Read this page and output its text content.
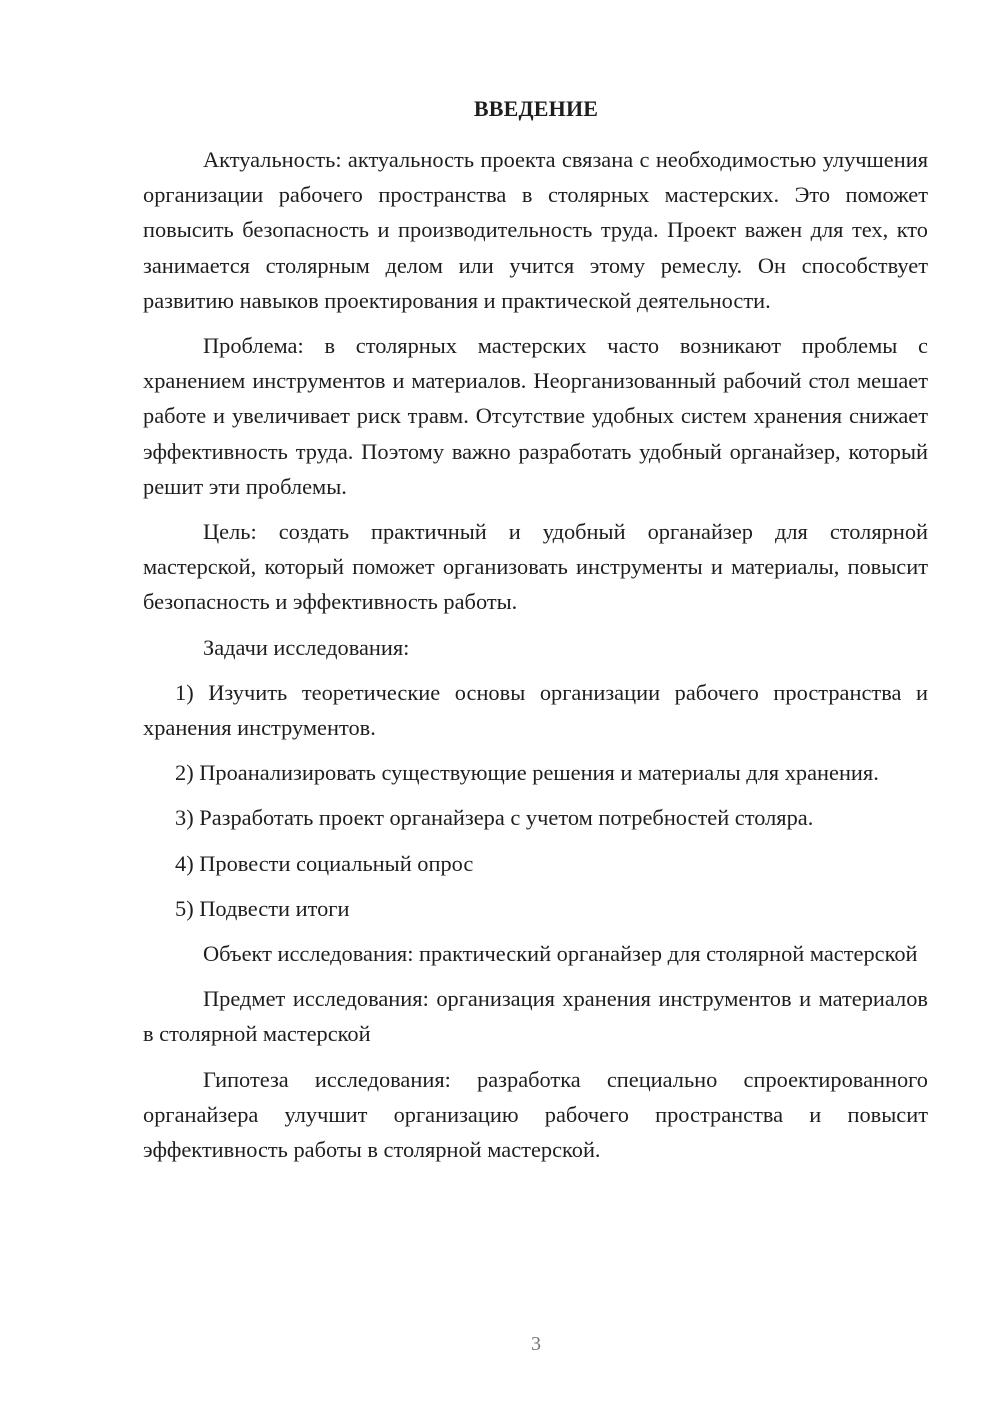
ВВЕДЕНИЕ

Актуальность: актуальность проекта связана с необходимостью улучшения организации рабочего пространства в столярных мастерских. Это поможет повысить безопасность и производительность труда. Проект важен для тех, кто занимается столярным делом или учится этому ремеслу. Он способствует развитию навыков проектирования и практической деятельности.

Проблема: в столярных мастерских часто возникают проблемы с хранением инструментов и материалов. Неорганизованный рабочий стол мешает работе и увеличивает риск травм. Отсутствие удобных систем хранения снижает эффективность труда. Поэтому важно разработать удобный органайзер, который решит эти проблемы.

Цель: создать практичный и удобный органайзер для столярной мастерской, который поможет организовать инструменты и материалы, повысит безопасность и эффективность работы.

Задачи исследования:

1) Изучить теоретические основы организации рабочего пространства и хранения инструментов.

2) Проанализировать существующие решения и материалы для хранения.

3) Разработать проект органайзера с учетом потребностей столяра.

4) Провести социальный опрос

5) Подвести итоги

Объект исследования: практический органайзер для столярной мастерской

Предмет исследования: организация хранения инструментов и материалов в столярной мастерской

Гипотеза исследования: разработка специально спроектированного органайзера улучшит организацию рабочего пространства и повысит эффективность работы в столярной мастерской.

3
